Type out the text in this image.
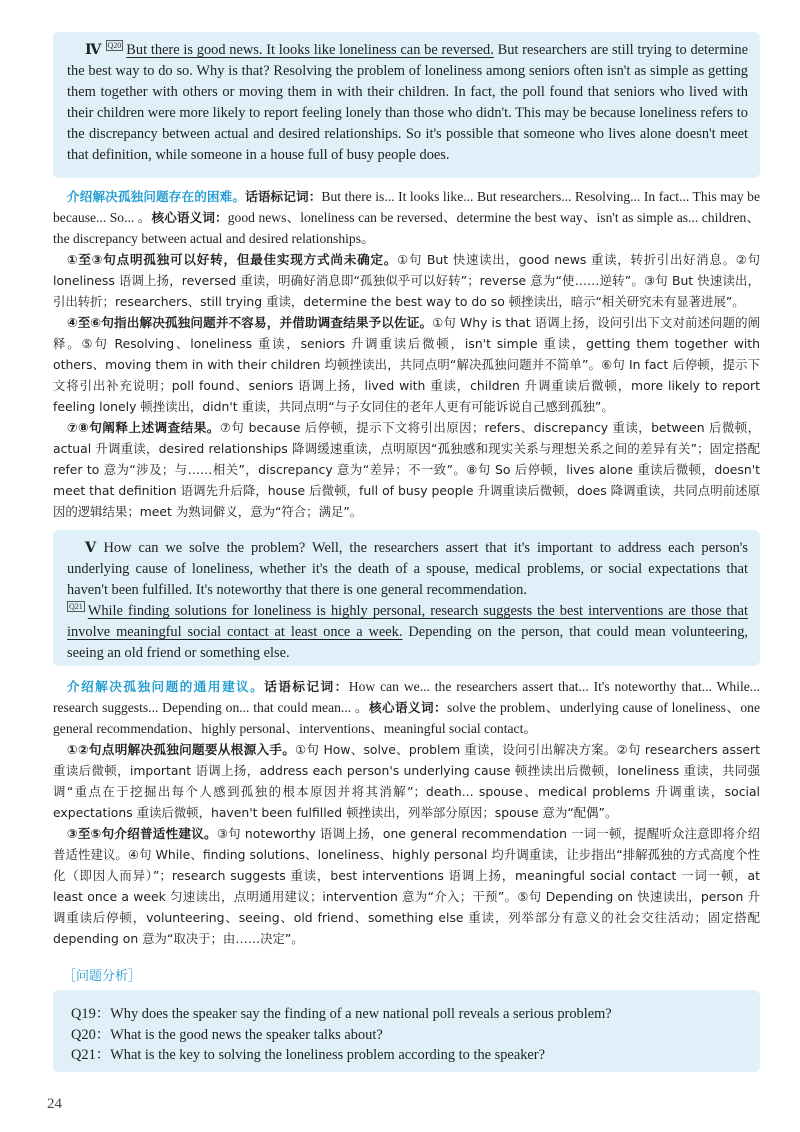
Ⅳ Q20 But there is good news. It looks like loneliness can be reversed. But researchers are still trying to determine the best way to do so. Why is that? Resolving the problem of loneliness among seniors often isn't as simple as getting them together with others or moving them in with their children. In fact, the poll found that seniors who lived with their children were more likely to report feeling lonely than those who didn't. This may be because loneliness refers to the discrepancy between actual and desired relationships. So it's possible that someone who lives alone doesn't meet that definition, while someone in a house full of busy people does.

介绍解决孤独问题存在的困难。话语标记词：But there is... It looks like... But researchers... Resolving... In fact... This may be because... So... 。核心语义词：good news、loneliness can be reversed、determine the best way、isn't as simple as... children、the discrepancy between actual and desired relationships。

①至③句点明孤独可以好转，但最佳实现方式尚未确定。①句 But 快速读出，good news 重读，转折引出好消息。②句 loneliness 语调上扬，reversed 重读，明确好消息即“孤独似乎可以好转”；reverse 意为“使……逆转”。③句 But 快速读出，引出转折；researchers、still trying 重读，determine the best way to do so 顿挫读出，暗示“相关研究未有显著进展”。

④至⑥句指出解决孤独问题并不容易，并借助调查结果予以佐证。①句 Why is that 语调上扬，设问引出下文对前述问题的阐释。⑤句 Resolving、loneliness 重读，seniors 升调重读后微顿，isn't simple 重读，getting them together with others、moving them in with their children 均顿挫读出，共同点明“解决孤独问题并不简单”。⑥句 In fact 后停顿，提示下文将引出补充说明；poll found、seniors 语调上扬，lived with 重读，children 升调重读后微顿，more likely to report feeling lonely 顿挫读出，didn't 重读，共同点明“与子女同住的老年人更有可能诉说自己感到孤独”。

⑦⑧句阐释上述调查结果。⑦句 because 后停顿，提示下文将引出原因；refers、discrepancy 重读，between 后微顿，actual 升调重读，desired relationships 降调缓速重读，点明原因“孤独感和现实关系与理想关系之间的差异有关”；固定搭配 refer to 意为“涉及；与……相关”，discrepancy 意为“差异；不一致”。⑧句 So 后停顿，lives alone 重读后微顿，doesn't meet that definition 语调先升后降，house 后微顿，full of busy people 升调重读后微顿，does 降调重读，共同点明前述原因的逻辑结果；meet 为熟词僻义，意为“符合；满足”。

Ⅴ How can we solve the problem? Well, the researchers assert that it's important to address each person's underlying cause of loneliness, whether it's the death of a spouse, medical problems, or social expectations that haven't been fulfilled. It's noteworthy that there is one general recommendation.
Q21 While finding solutions for loneliness is highly personal, research suggests the best interventions are those that involve meaningful social contact at least once a week. Depending on the person, that could mean volunteering, seeing an old friend or something else.

介绍解决孤独问题的通用建议。话语标记词：How can we... the researchers assert that... It's noteworthy that... While... research suggests... Depending on... that could mean... 。核心语义词：solve the problem、underlying cause of loneliness、one general recommendation、highly personal、interventions、meaningful social contact。

①②句点明解决孤独问题要从根源入手。①句 How、solve、problem 重读，设问引出解决方案。②句 researchers assert 重读后微顿，important 语调上扬，address each person's underlying cause 顿挫读出后微顿，loneliness 重读，共同强调“重点在于挖掘出每个人感到孤独的根本原因并将其消解”；death... spouse、medical problems 升调重读，social expectations 重读后微顿，haven't been fulfilled 顿挫读出，列举部分原因；spouse 意为“配偶”。

③至⑤句介绍普适性建议。③句 noteworthy 语调上扬，one general recommendation 一词一顿，提醒听众注意即将介绍普适性建议。④句 While、finding solutions、loneliness、highly personal 均升调重读，让步指出“排解孤独的方式高度个性化（即因人而异）”；research suggests 重读，best interventions 语调上扬，meaningful social contact 一词一顿，at least once a week 匀速读出，点明通用建议；intervention 意为“介入；干预”。⑤句 Depending on 快速读出，person 升调重读后停顿，volunteering、seeing、old friend、something else 重读，列举部分有意义的社会交往活动；固定搭配 depending on 意为“取决于；由……决定”。

［问题分析］
Q19：Why does the speaker say the finding of a new national poll reveals a serious problem?
Q20：What is the good news the speaker talks about?
Q21：What is the key to solving the loneliness problem according to the speaker?
24
